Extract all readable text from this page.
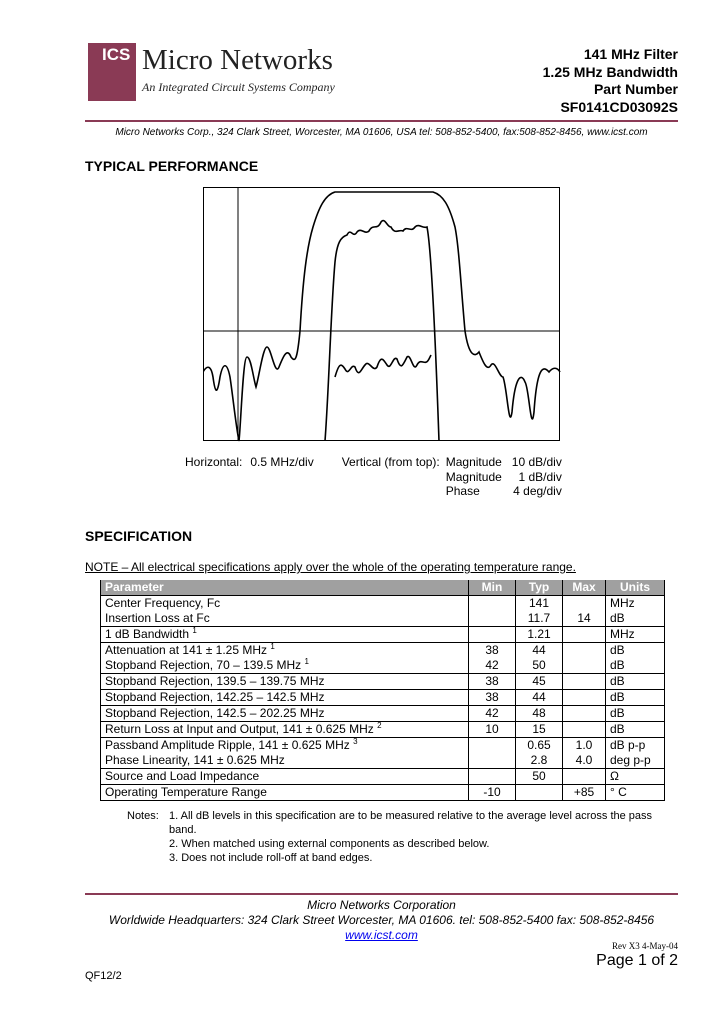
ICS Micro Networks
An Integrated Circuit Systems Company
141 MHz Filter
1.25 MHz Bandwidth
Part Number
SF0141CD03092S
Micro Networks Corp., 324 Clark Street, Worcester, MA 01606, USA tel: 508-852-5400, fax:508-852-8456, www.icst.com
TYPICAL PERFORMANCE
Horizontal: 0.5 MHz/div Vertical (from top): Magnitude 10 dB/div
Magnitude	1 dB/div
Phase	4 deg/div
SPECIFICATION
NOTE – All electrical specifications apply over the whole of the operating temperature range.
Parameter	Min	Typ	Max	Units
Center Frequency, Fc		141		MHz
Insertion Loss at Fc		11.7	14	dB
1 dB Bandwidth $^1$		1.21		MHz
Attenuation at 141 ± 1.25 MHz $^1$	38	44		dB
Stopband Rejection, 70 – 139.5 MHz $^1$	42	50		dB
Stopband Rejection, 139.5 – 139.75 MHz	38	45		dB
Stopband Rejection, 142.25 – 142.5 MHz	38	44		dB
Stopband Rejection, 142.5 – 202.25 MHz	42	48		dB
Return Loss at Input and Output, 141 ± 0.625 MHz $^2$	10	15		dB
Passband Amplitude Ripple, 141 ± 0.625 MHz $^3$		0.65	1.0	dB p-p
Phase Linearity, 141 ± 0.625 MHz		2.8	4.0	deg p-p
Source and Load Impedance		50		Ω
Operating Temperature Range	-10		+85	° C
Notes: 1. All dB levels in this specification are to be measured relative to the average level across the pass band.
2. When matched using external components as described below.
3. Does not include roll-off at band edges.
Micro Networks Corporation
Worldwide Headquarters: 324 Clark Street Worcester, MA 01606. tel: 508-852-5400 fax: 508-852-8456
www.icst.com
Rev X3 4-May-04
Page 1 of 2
QF12/2
